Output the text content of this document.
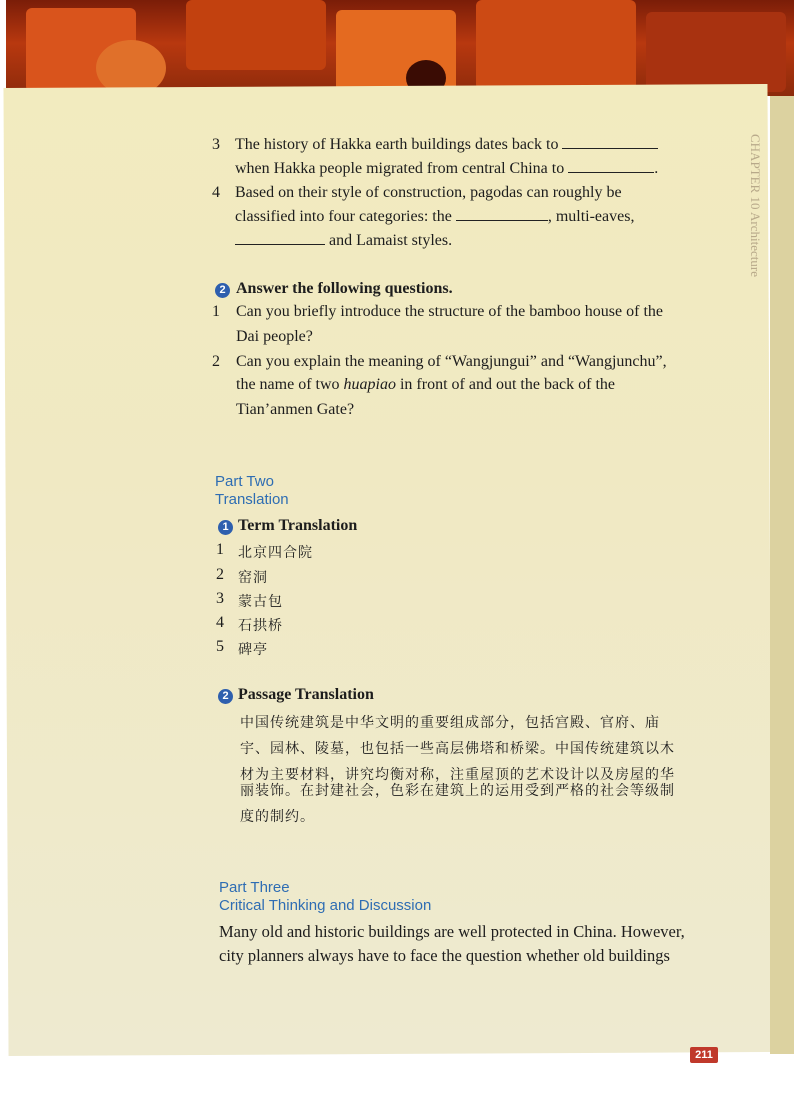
CHAPTER 10 Architecture
3 The history of Hakka earth buildings dates back to
when Hakka people migrated from central China to	.
4 Based on their style of construction, pagodas can roughly be
classified into four categories: the	, multi-eaves,
and Lamaist styles.
2 Answer the following questions.
1 Can you briefly introduce the structure of the bamboo house of the
Dai people?
2 Can you explain the meaning of “Wangjungui” and “Wangjunchu”,
the name of two huapiao in front of and out the back of the
Tian’anmen Gate?
Part Two
Translation
1 Term Translation
1 北京四合院
2 窑洞
3 蒙古包
4 石拱桥
5 碑亭
2 Passage Translation
中国传统建筑是中华文明的重要组成部分，包括宫殿、官府、庙
宇、园林、陵墓，也包括一些高层佛塔和桥梁。中国传统建筑以木
材为主要材料，讲究均衡对称，注重屋顶的艺术设计以及房屋的华
丽装饰。在封建社会，色彩在建筑上的运用受到严格的社会等级制
度的制约。
Part Three
Critical Thinking and Discussion
Many old and historic buildings are well protected in China. However,
city planners always have to face the question whether old buildings
211
